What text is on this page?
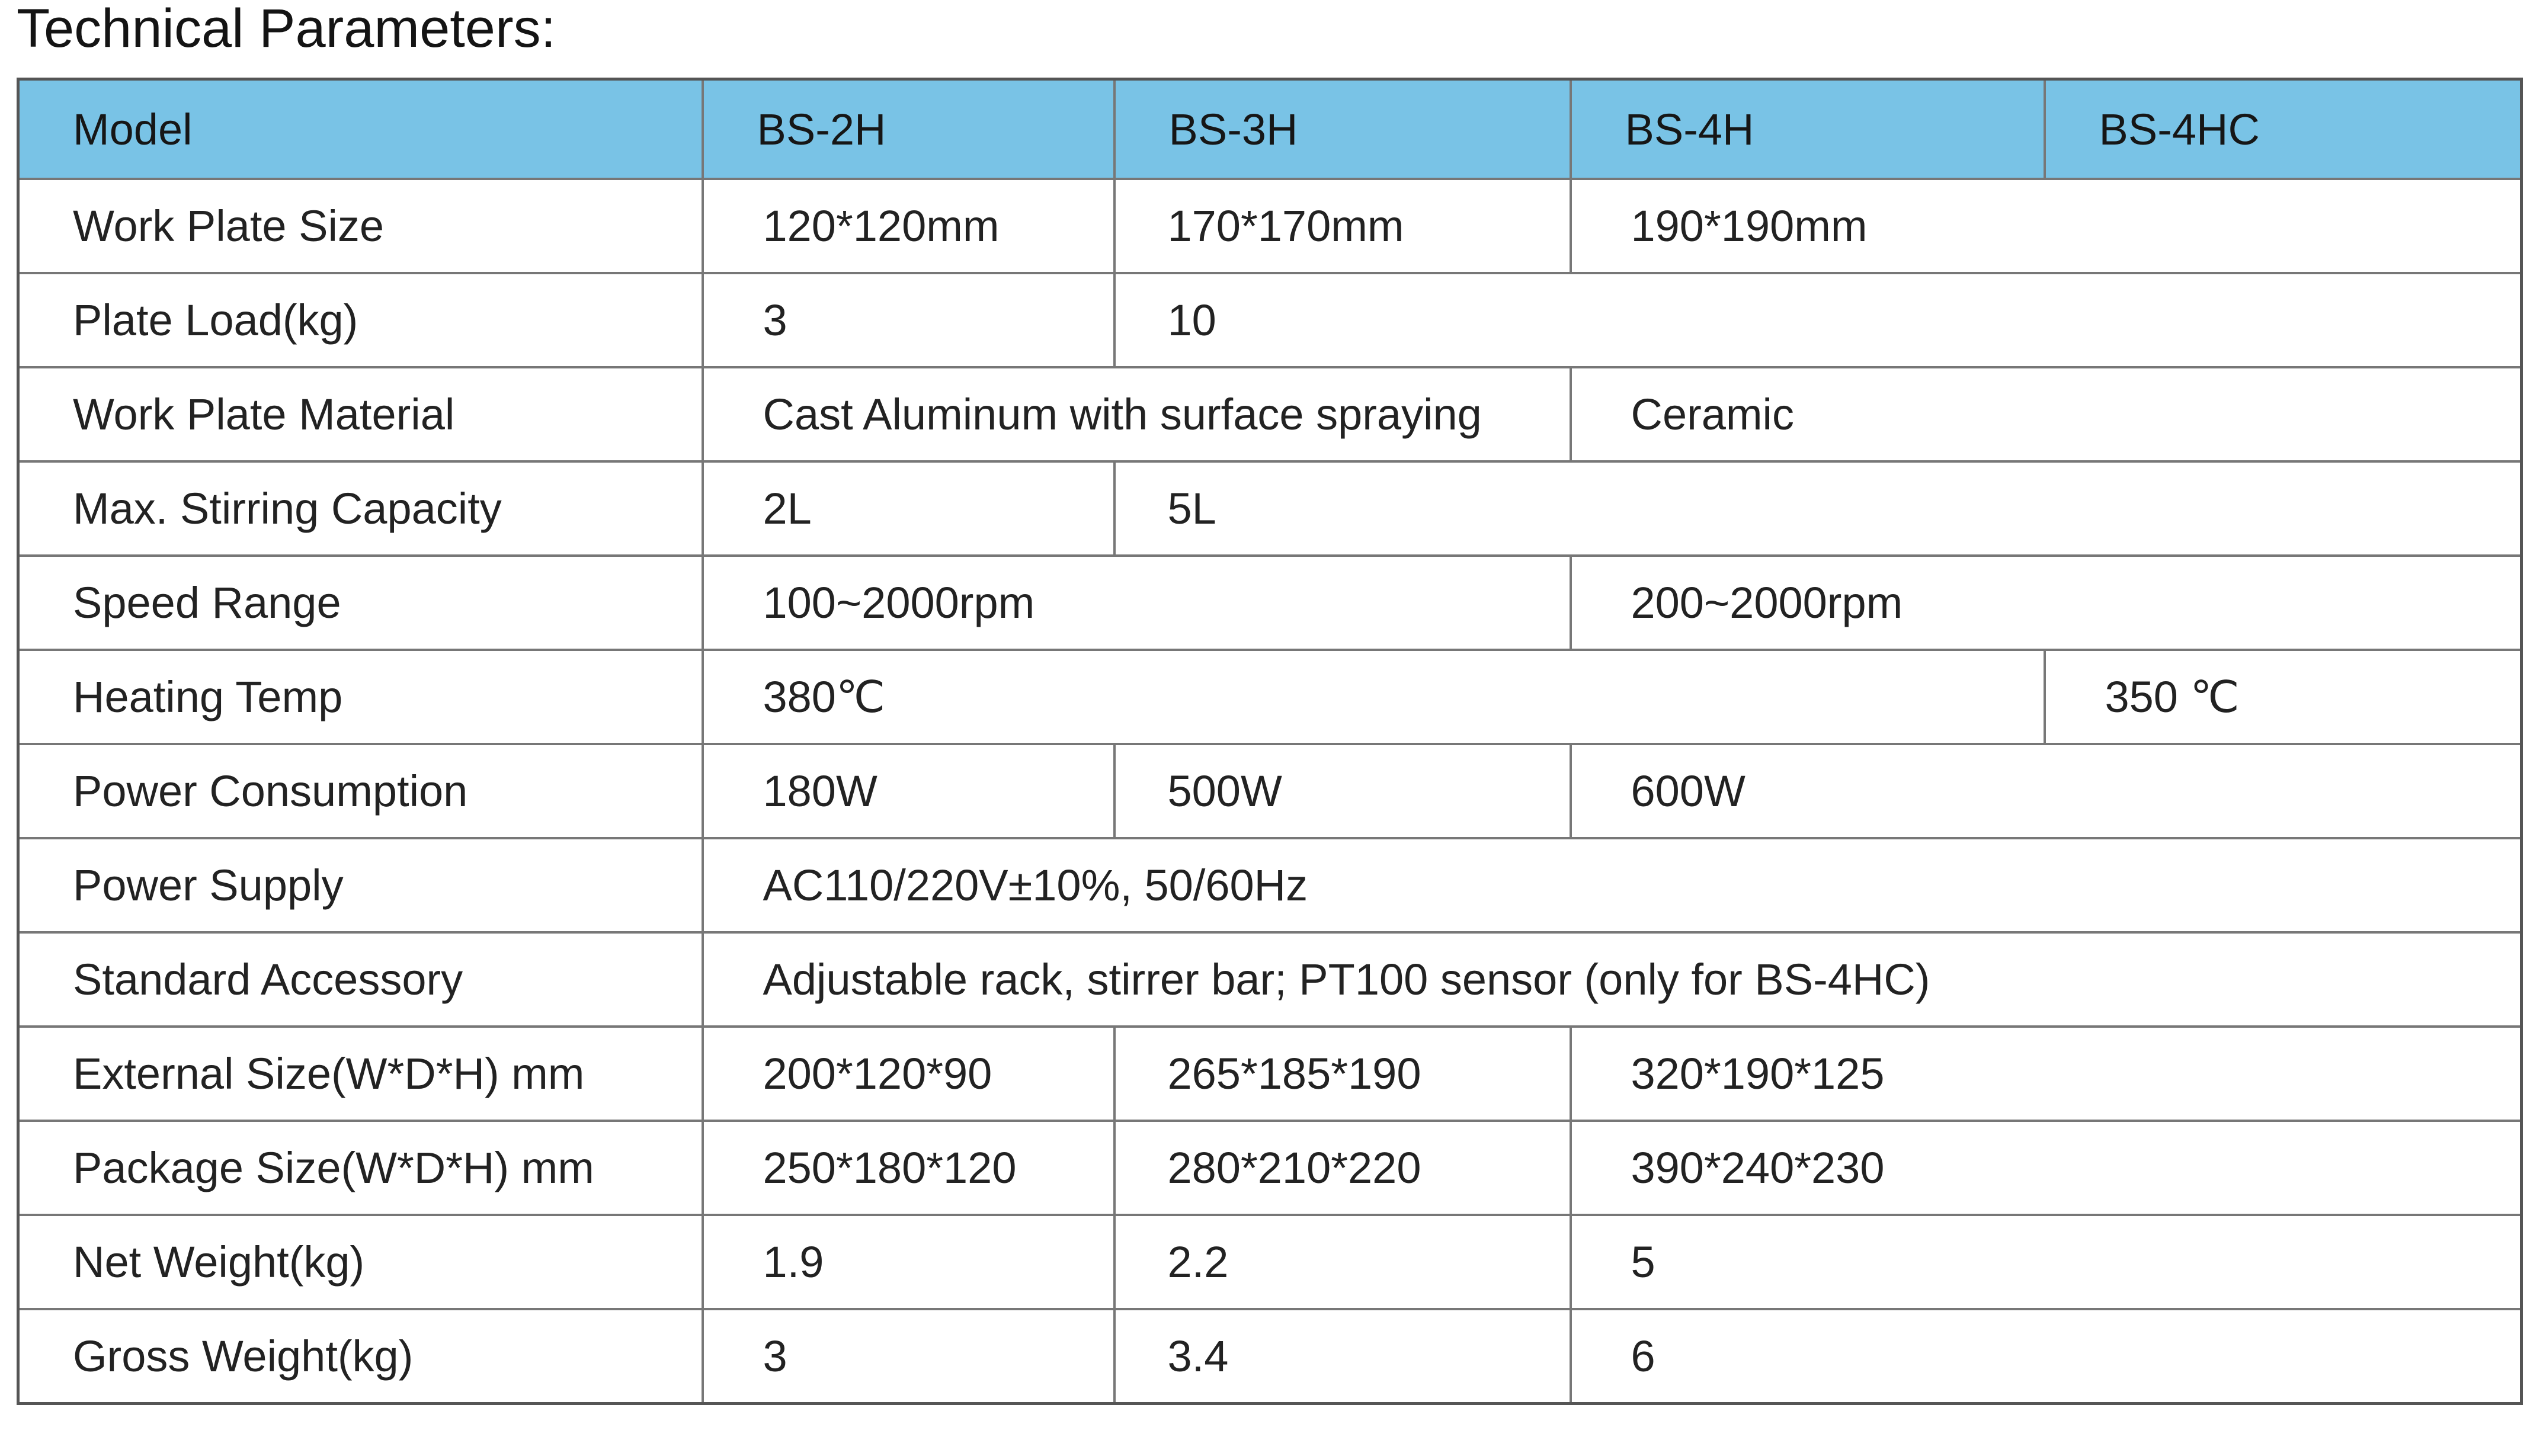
Technical Parameters:
Model	BS-2H	BS-3H	BS-4H	BS-4HC
Work Plate Size	120*120mm	170*170mm	190*190mm	
Plate Load(kg)	3	10		
Work Plate Material	Cast Aluminum with surface spraying		Ceramic	
Max. Stirring Capacity	2L	5L		
Speed Range	100~2000rpm		200~2000rpm	
Heating Temp	380℃			350 ℃
Power Consumption	180W	500W	600W	
Power Supply	AC110/220V±10%, 50/60Hz			
Standard Accessory	Adjustable rack, stirrer bar; PT100 sensor (only for BS-4HC)			
External Size(W*D*H) mm	200*120*90	265*185*190	320*190*125	
Package Size(W*D*H) mm	250*180*120	280*210*220	390*240*230	
Net Weight(kg)	1.9	2.2	5	
Gross Weight(kg)	3	3.4	6	
